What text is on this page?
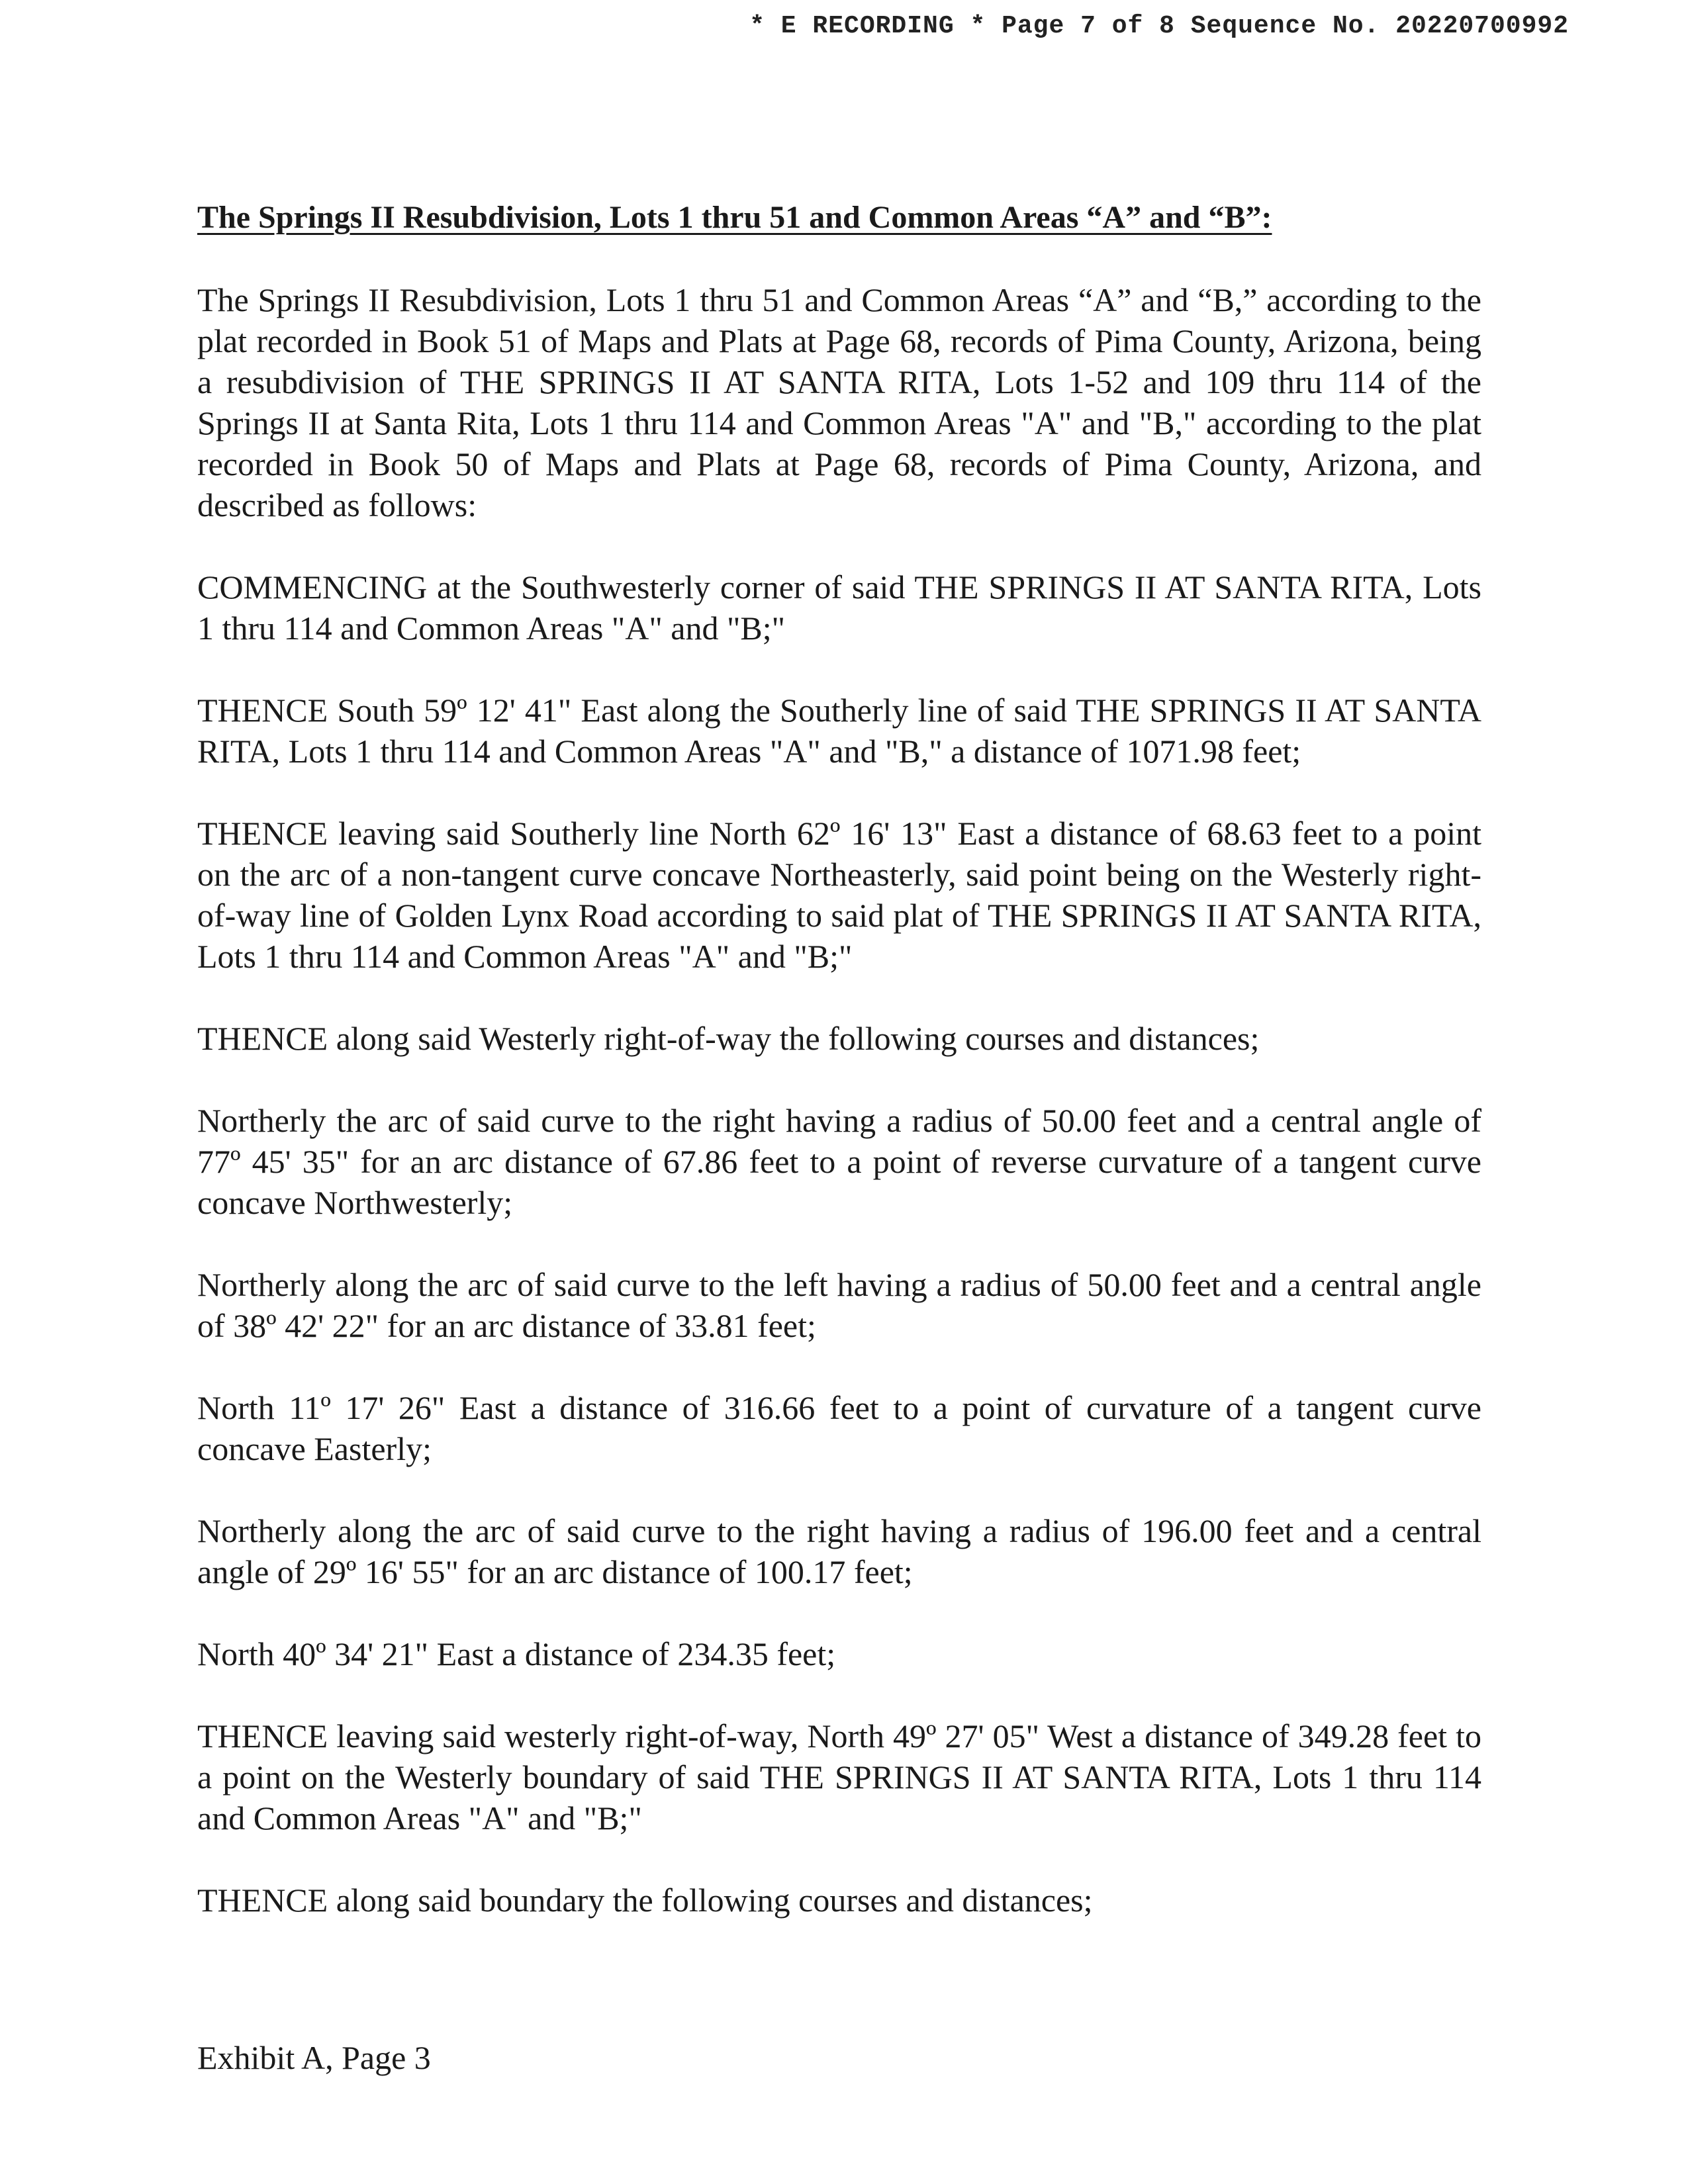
* E RECORDING * Page 7 of 8 Sequence No. 20220700992
The Springs II Resubdivision, Lots 1 thru 51 and Common Areas “A” and “B”:

The Springs II Resubdivision, Lots 1 thru 51 and Common Areas “A” and “B,” according to the plat recorded in Book 51 of Maps and Plats at Page 68, records of Pima County, Arizona, being a resubdivision of THE SPRINGS II AT SANTA RITA, Lots 1-52 and 109 thru 114 of the Springs II at Santa Rita, Lots 1 thru 114 and Common Areas "A" and "B," according to the plat recorded in Book 50 of Maps and Plats at Page 68, records of Pima County, Arizona, and described as follows:

COMMENCING at the Southwesterly corner of said THE SPRINGS II AT SANTA RITA, Lots 1 thru 114 and Common Areas "A" and "B;"

THENCE South 59º 12' 41" East along the Southerly line of said THE SPRINGS II AT SANTA RITA, Lots 1 thru 114 and Common Areas "A" and "B," a distance of 1071.98 feet;

THENCE leaving said Southerly line North 62º 16' 13" East a distance of 68.63 feet to a point on the arc of a non-tangent curve concave Northeasterly, said point being on the Westerly right-of-way line of Golden Lynx Road according to said plat of THE SPRINGS II AT SANTA RITA, Lots 1 thru 114 and Common Areas "A" and "B;"

THENCE along said Westerly right-of-way the following courses and distances;

Northerly the arc of said curve to the right having a radius of 50.00 feet and a central angle of 77º 45' 35" for an arc distance of 67.86 feet to a point of reverse curvature of a tangent curve concave Northwesterly;

Northerly along the arc of said curve to the left having a radius of 50.00 feet and a central angle of 38º 42' 22" for an arc distance of 33.81 feet;

North 11º 17' 26" East a distance of 316.66 feet to a point of curvature of a tangent curve concave Easterly;

Northerly along the arc of said curve to the right having a radius of 196.00 feet and a central angle of 29º 16' 55" for an arc distance of 100.17 feet;

North 40º 34' 21" East a distance of 234.35 feet;

THENCE leaving said westerly right-of-way, North 49º 27' 05" West a distance of 349.28 feet to a point on the Westerly boundary of said THE SPRINGS II AT SANTA RITA, Lots 1 thru 114 and Common Areas "A" and "B;"

THENCE along said boundary the following courses and distances;

Exhibit A, Page 3
